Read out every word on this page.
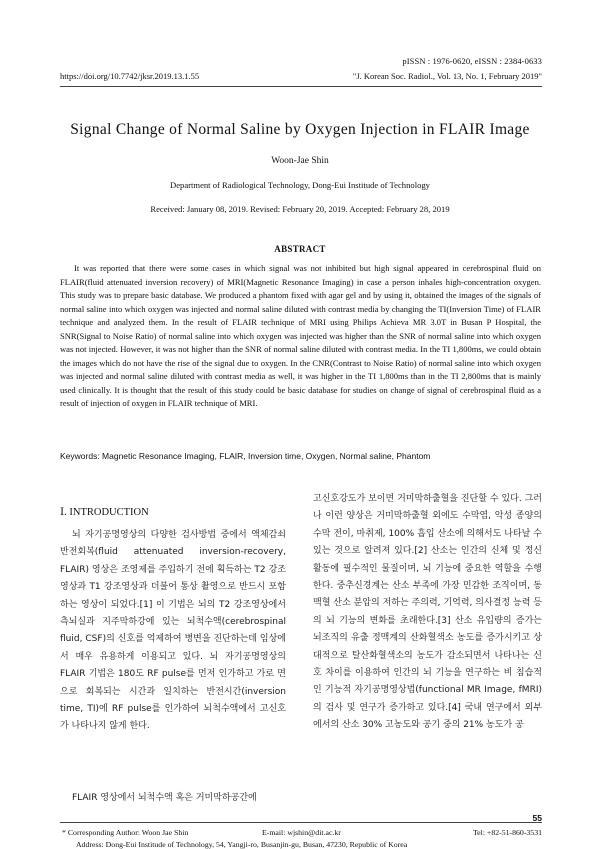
pISSN : 1976-0620, eISSN : 2384-0633
https://doi.org/10.7742/jksr.2019.13.1.55	"J. Korean Soc. Radiol., Vol. 13, No. 1, February 2019"
Signal Change of Normal Saline by Oxygen Injection in FLAIR Image
Woon-Jae Shin
Department of Radiological Technology, Dong-Eui Institude of Technology
Received: January 08, 2019. Revised: February 20, 2019. Accepted: February 28, 2019
ABSTRACT

It was reported that there were some cases in which signal was not inhibited but high signal appeared in cerebrospinal fluid on FLAIR(fluid attenuated inversion recovery) of MRI(Magnetic Resonance Imaging) in case a person inhales high-concentration oxygen. This study was to prepare basic database. We produced a phantom fixed with agar gel and by using it, obtained the images of the signals of normal saline into which oxygen was injected and normal saline diluted with contrast media by changing the TI(Inversion Time) of FLAIR technique and analyzed them. In the result of FLAIR technique of MRI using Philips Achieva MR 3.0T in Busan P Hospital, the SNR(Signal to Noise Ratio) of normal saline into which oxygen was injected was higher than the SNR of normal saline into which oxygen was not injected. However, it was not higher than the SNR of normal saline diluted with contrast media. In the TI 1,800ms, we could obtain the images which do not have the rise of the signal due to oxygen. In the CNR(Contrast to Noise Ratio) of normal saline into which oxygen was injected and normal saline diluted with contrast media as well, it was higher in the TI 1,800ms than in the TI 2,800ms that is mainly used clinically. It is thought that the result of this study could be basic database for studies on change of signal of cerebrospinal fluid as a result of injection of oxygen in FLAIR technique of MRI.

Keywords: Magnetic Resonance Imaging, FLAIR, Inversion time, Oxygen, Normal saline, Phantom
Ⅰ. INTRODUCTION

뇌 자기공명영상의 다양한 검사방법 중에서 액체감쇠반전회복(fluid attenuated inversion-recovery, FLAIR) 영상은 조영제를 주입하기 전에 획득하는 T2 강조영상과 T1 강조영상과 더불어 통상 촬영으로 반드시 포함하는 영상이 되었다.[1] 이 기법은 뇌의 T2 강조영상에서 측뇌실과 지주막하강에 있는 뇌척수액(cerebrospinal fluid, CSF)의 신호를 억제하여 병변을 진단하는데 임상에서 매우 유용하게 이용되고 있다. 뇌 자기공명영상의 FLAIR 기법은 180도 RF pulse를 먼저 인가하고 가로 면으로 회복되는 시간과 일치하는 반전시간(inversion time, TI)에 RF pulse를 인가하여 뇌척수액에서 고신호가 나타나지 않게 한다.

FLAIR 영상에서 뇌척수액 혹은 거미막하공간에

고신호강도가 보이면 거미막하출혈을 진단할 수 있다. 그러나 이런 양상은 거미막하출혈 외에도 수막염, 악성 종양의 수막 전이, 마취제, 100% 흡입 산소에 의해서도 나타날 수 있는 것으로 알려져 있다.[2] 산소는 인간의 신체 및 정신 활동에 필수적인 물질이며, 뇌 기능에 중요한 역할을 수행한다. 중추신경계는 산소 부족에 가장 민감한 조직이며, 동맥혈 산소 분압의 저하는 주의력, 기억력, 의사결정 능력 등의 뇌 기능의 변화를 초래한다.[3] 산소 유입량의 증가는 뇌조직의 유출 정맥계의 산화혈색소 농도를 증가시키고 상대적으로 탈산화혈색소의 농도가 감소되면서 나타나는 신호 차이를 이용하여 인간의 뇌 기능을 연구하는 비 침습적인 기능적 자기공명영상법(functional MR Image, fMRI)의 검사 및 연구가 증가하고 있다.[4] 국내 연구에서 외부에서의 산소 30% 고농도와 공기 중의 21% 농도가 공

55
* Corresponding Author: Woon Jae Shin	E-mail: wjshin@dit.ac.kr	Tel: +82-51-860-3531
Address: Dong-Eui Institude of Technology, 54, Yangji-ro, Busanjin-gu, Busan, 47230, Republic of Korea
